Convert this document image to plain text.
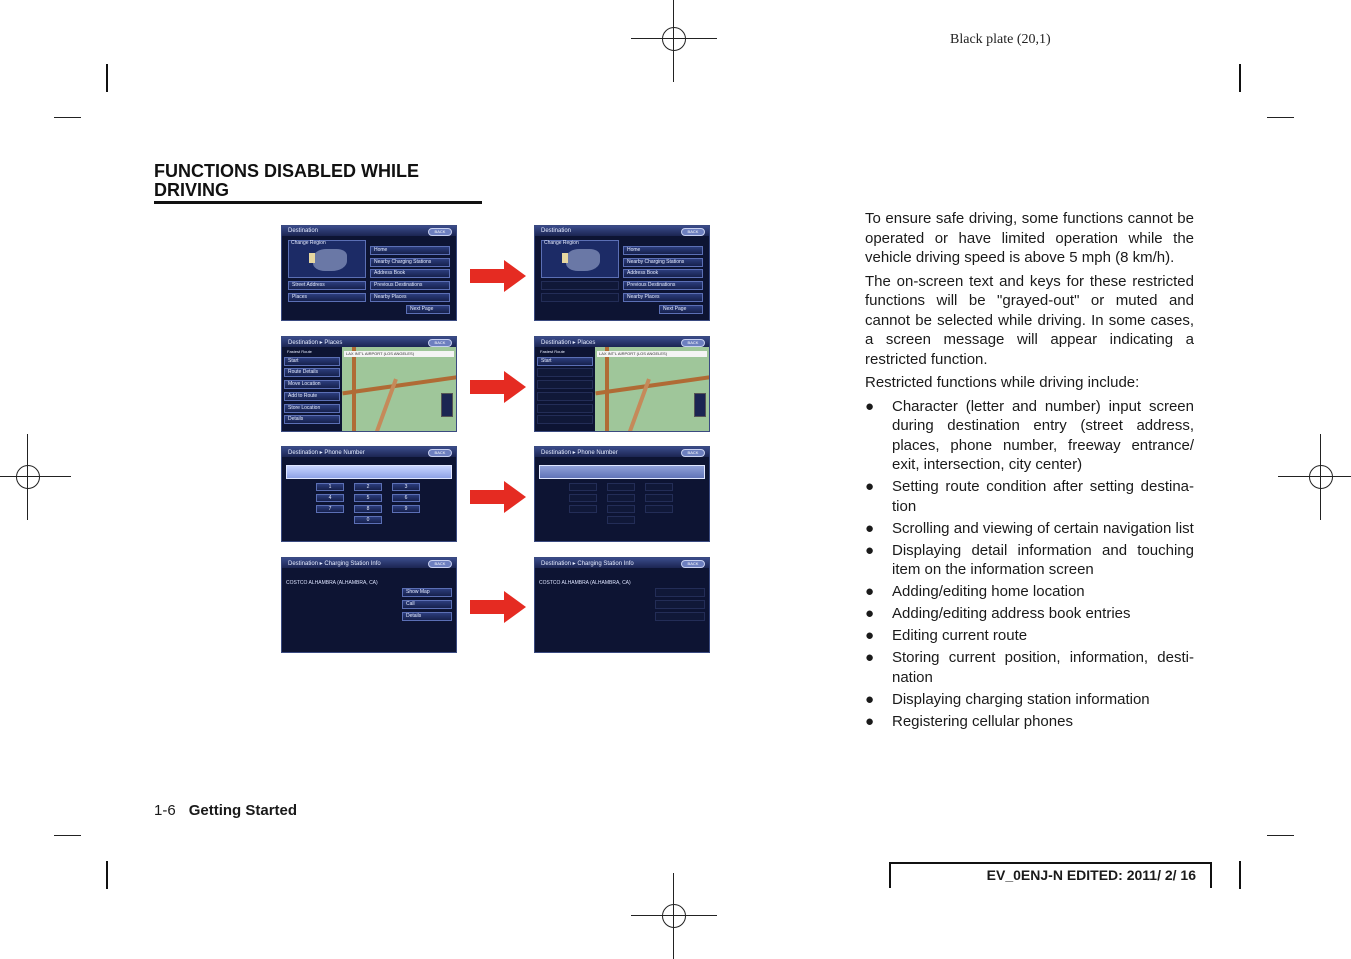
Black plate (20,1)
FUNCTIONS DISABLED WHILE DRIVING
Destination	BACK
Change Region
Street Address
Places
Home
Nearby Charging Stations
Address Book
Previous Destinations
Nearby Places
Next Page
Destination	BACK
Change Region
Home
Nearby Charging Stations
Address Book
Previous Destinations
Nearby Places
Next Page
Destination ▸ Places	BACK
Fastest Route
Start
Route Details
Move Location
Add to Route
Store Location
Details
LAX INT'L AIRPORT (LOS ANGELES)
Destination ▸ Places	BACK
Fastest Route
Start
LAX INT'L AIRPORT (LOS ANGELES)
Destination ▸ Phone Number	BACK
1	2	3
4	5	6
7	8	9
0
Destination ▸ Phone Number	BACK
Destination ▸ Charging Station Info	BACK
COSTCO ALHAMBRA (ALHAMBRA, CA)
Show Map
Call
Details
Destination ▸ Charging Station Info	BACK
COSTCO ALHAMBRA (ALHAMBRA, CA)

To ensure safe driving, some functions cannot be operated or have limited operation while the vehicle driving speed is above 5 mph (8 km/h).

The on-screen text and keys for these restricted functions will be "grayed-out" or muted and cannot be selected while driving. In some cases, a screen message will appear indicating a restricted function.

Restricted functions while driving include:

● Character (letter and number) input screen during destination entry (street address, places, phone number, freeway entrance/ exit, intersection, city center)
● Setting route condition after setting destina- tion
● Scrolling and viewing of certain navigation list
● Displaying detail information and touching item on the information screen
● Adding/editing home location
● Adding/editing address book entries
● Editing current route
● Storing current position, information, desti- nation
● Displaying charging station information
● Registering cellular phones
1-6 Getting Started
EV_0ENJ-N EDITED: 2011/ 2/ 16
